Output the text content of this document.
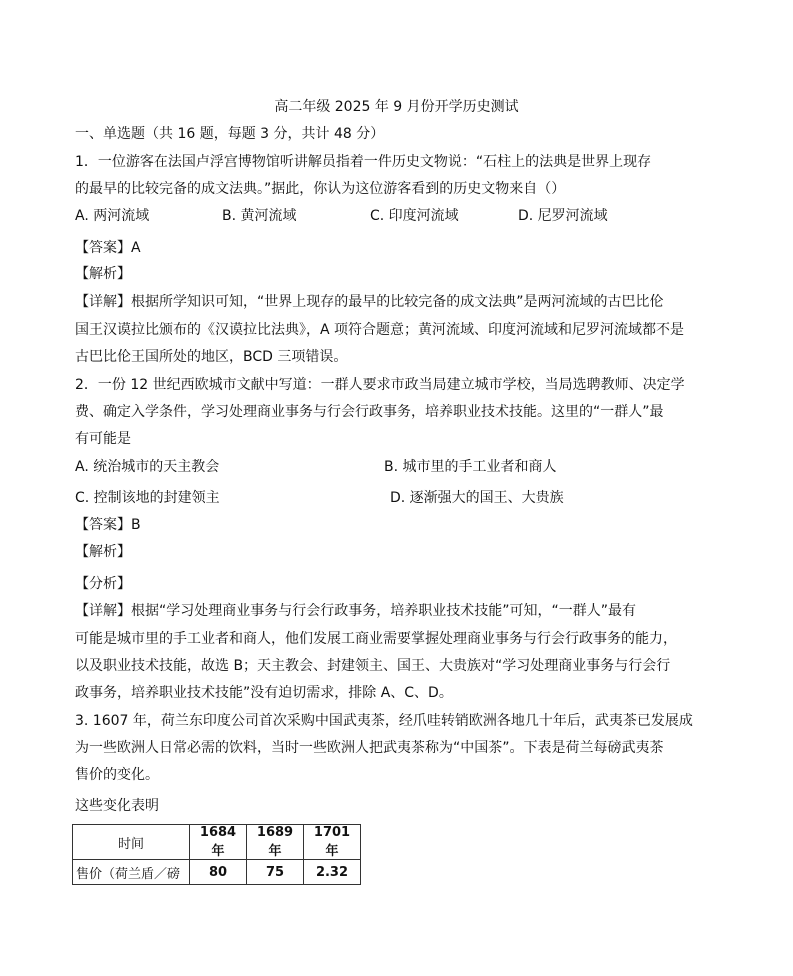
高二年级 2025 年 9 月份开学历史测试
一、单选题（共 16 题，每题 3 分，共计 48 分）
1．一位游客在法国卢浮宫博物馆听讲解员指着一件历史文物说：“石柱上的法典是世界上现存
的最早的比较完备的成文法典。”据此，你认为这位游客看到的历史文物来自（）
A. 两河流域	B. 黄河流域	C. 印度河流域	D. 尼罗河流域
【答案】A
【解析】
【详解】根据所学知识可知，“世界上现存的最早的比较完备的成文法典”是两河流域的古巴比伦
国王汉谟拉比颁布的《汉谟拉比法典》，A 项符合题意；黄河流域、印度河流域和尼罗河流域都不是
古巴比伦王国所处的地区，BCD 三项错误。
2．一份 12 世纪西欧城市文献中写道：一群人要求市政当局建立城市学校，当局选聘教师、决定学
费、确定入学条件，学习处理商业事务与行会行政事务，培养职业技术技能。这里的“一群人”最
有可能是
A. 统治城市的天主教会	B. 城市里的手工业者和商人
C. 控制该地的封建领主	D. 逐渐强大的国王、大贵族
【答案】B
【解析】
【分析】
【详解】根据“学习处理商业事务与行会行政事务，培养职业技术技能”可知，“一群人”最有
可能是城市里的手工业者和商人，他们发展工商业需要掌握处理商业事务与行会行政事务的能力，
以及职业技术技能，故选 B；天主教会、封建领主、国王、大贵族对“学习处理商业事务与行会行
政事务，培养职业技术技能”没有迫切需求，排除 A、C、D。
3. 1607 年，荷兰东印度公司首次采购中国武夷茶，经爪哇转销欧洲各地几十年后，武夷茶已发展成
为一些欧洲人日常必需的饮料，当时一些欧洲人把武夷茶称为“中国茶”。下表是荷兰每磅武夷茶
售价的变化。
这些变化表明
时间	1684 年	1689 年	1701 年
售价（荷兰盾／磅	80	75	2.32
